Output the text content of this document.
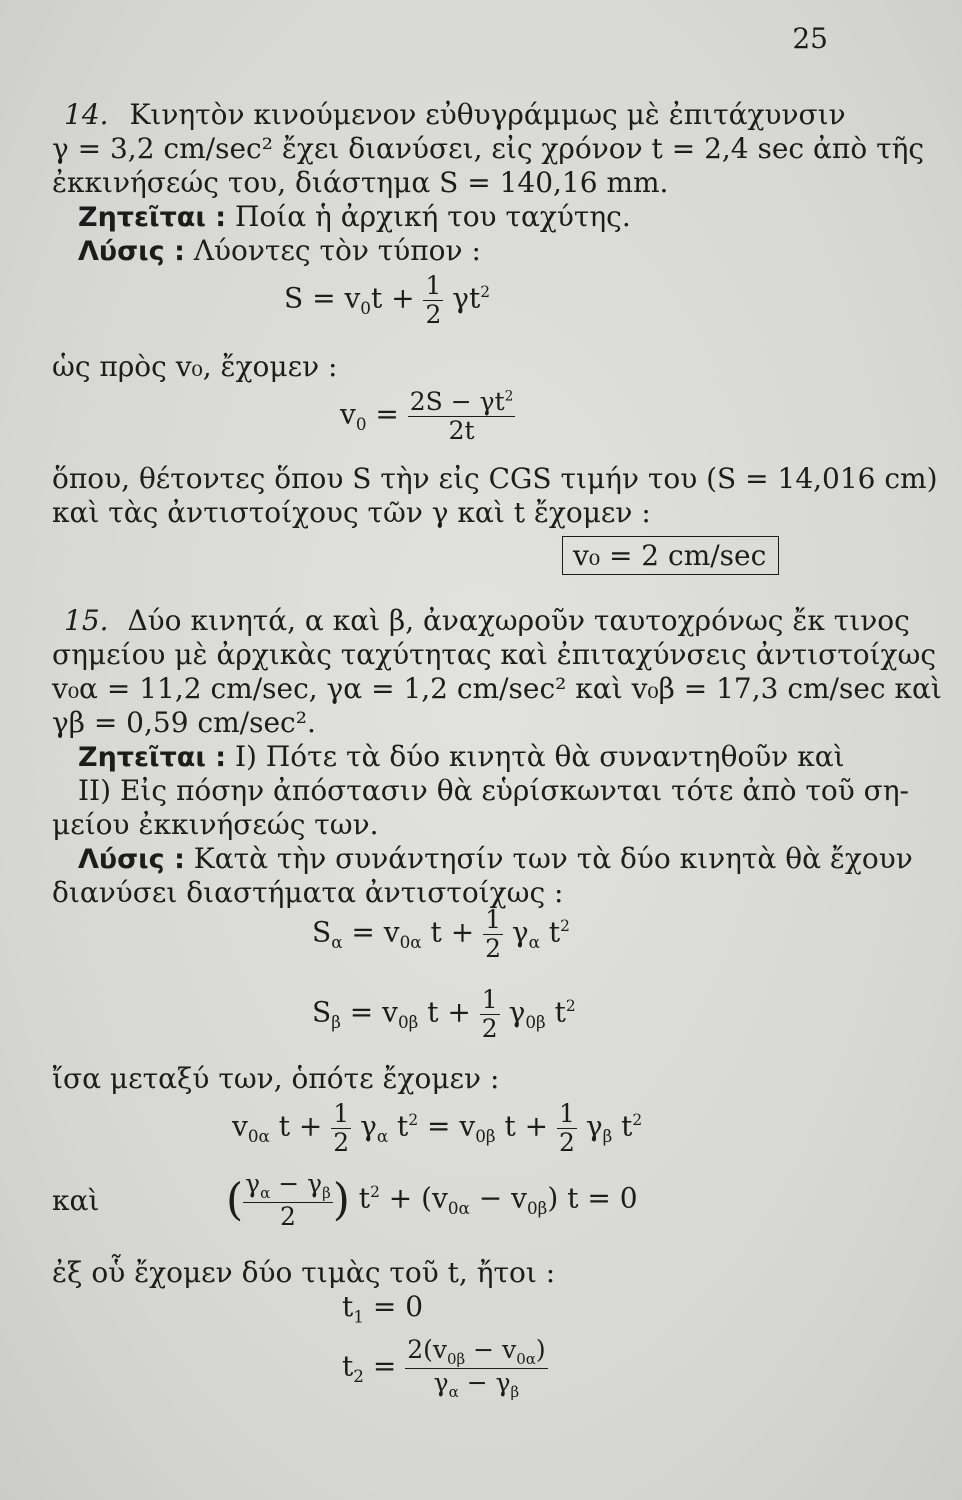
25
14. Κινητὸν κινούμενον εὐθυγράμμως μὲ ἐπιτάχυνσιν
γ = 3,2 cm/sec² ἔχει διανύσει, εἰς χρόνον t = 2,4 sec ἀπὸ τῆς
ἐκκινήσεώς του, διάστημα S = 140,16 mm.
Ζητεῖται : Ποία ἡ ἀρχική του ταχύτης.
Λύσις : Λύοντες τὸν τύπον :
$S = v_0t + \frac{1}{2} \gamma t^2$
ὡς πρὸς v₀, ἔχομεν :
$v_0 = \frac{2S - \gamma t^2}{2t}$
ὅπου, θέτοντες ὅπου S τὴν εἰς CGS τιμήν του (S = 14,016 cm)
καὶ τὰς ἀντιστοίχους τῶν γ καὶ t ἔχομεν :
v₀ = 2 cm/sec
15. Δύο κινητά, α καὶ β, ἀναχωροῦν ταυτοχρόνως ἔκ τινος
σημείου μὲ ἀρχικὰς ταχύτητας καὶ ἐπιταχύνσεις ἀντιστοίχως
v₀α = 11,2 cm/sec, γα = 1,2 cm/sec² καὶ v₀β = 17,3 cm/sec καὶ
γβ = 0,59 cm/sec².
Ζητεῖται : I) Πότε τὰ δύο κινητὰ θὰ συναντηθοῦν καὶ
II) Εἰς πόσην ἀπόστασιν θὰ εὑρίσκωνται τότε ἀπὸ τοῦ ση-
μείου ἐκκινήσεώς των.
Λύσις : Κατὰ τὴν συνάντησίν των τὰ δύο κινητὰ θὰ ἔχουν
διανύσει διαστήματα ἀντιστοίχως :
$S_\alpha = v_{0\alpha}$ $t + \frac{1}{2} \gamma_\alpha$ $t^2$
$S_\beta = v_{0\beta}$ $t + \frac{1}{2} \gamma_{0\beta}$ $t^2$
ἴσα μεταξύ των, ὁπότε ἔχομεν :
$v_{0\alpha}$ $t + \frac{1}{2} \gamma_\alpha$ $t^2 = v_{0\beta}$ $t + \frac{1}{2} \gamma_\beta$ $t^2$
καὶ	( $\frac{\gamma_\alpha - \gamma_\beta}{2}$ ) $t^2 + (v_{0\alpha} - v_{0\beta}) t = 0$
ἐξ οὗ ἔχομεν δύο τιμὰς τοῦ t, ἤτοι :
$t_1 = 0$
$t_2 = \frac{2(v_{0\beta} - v_{0\alpha})}{\gamma_\alpha - \gamma_\beta}$
